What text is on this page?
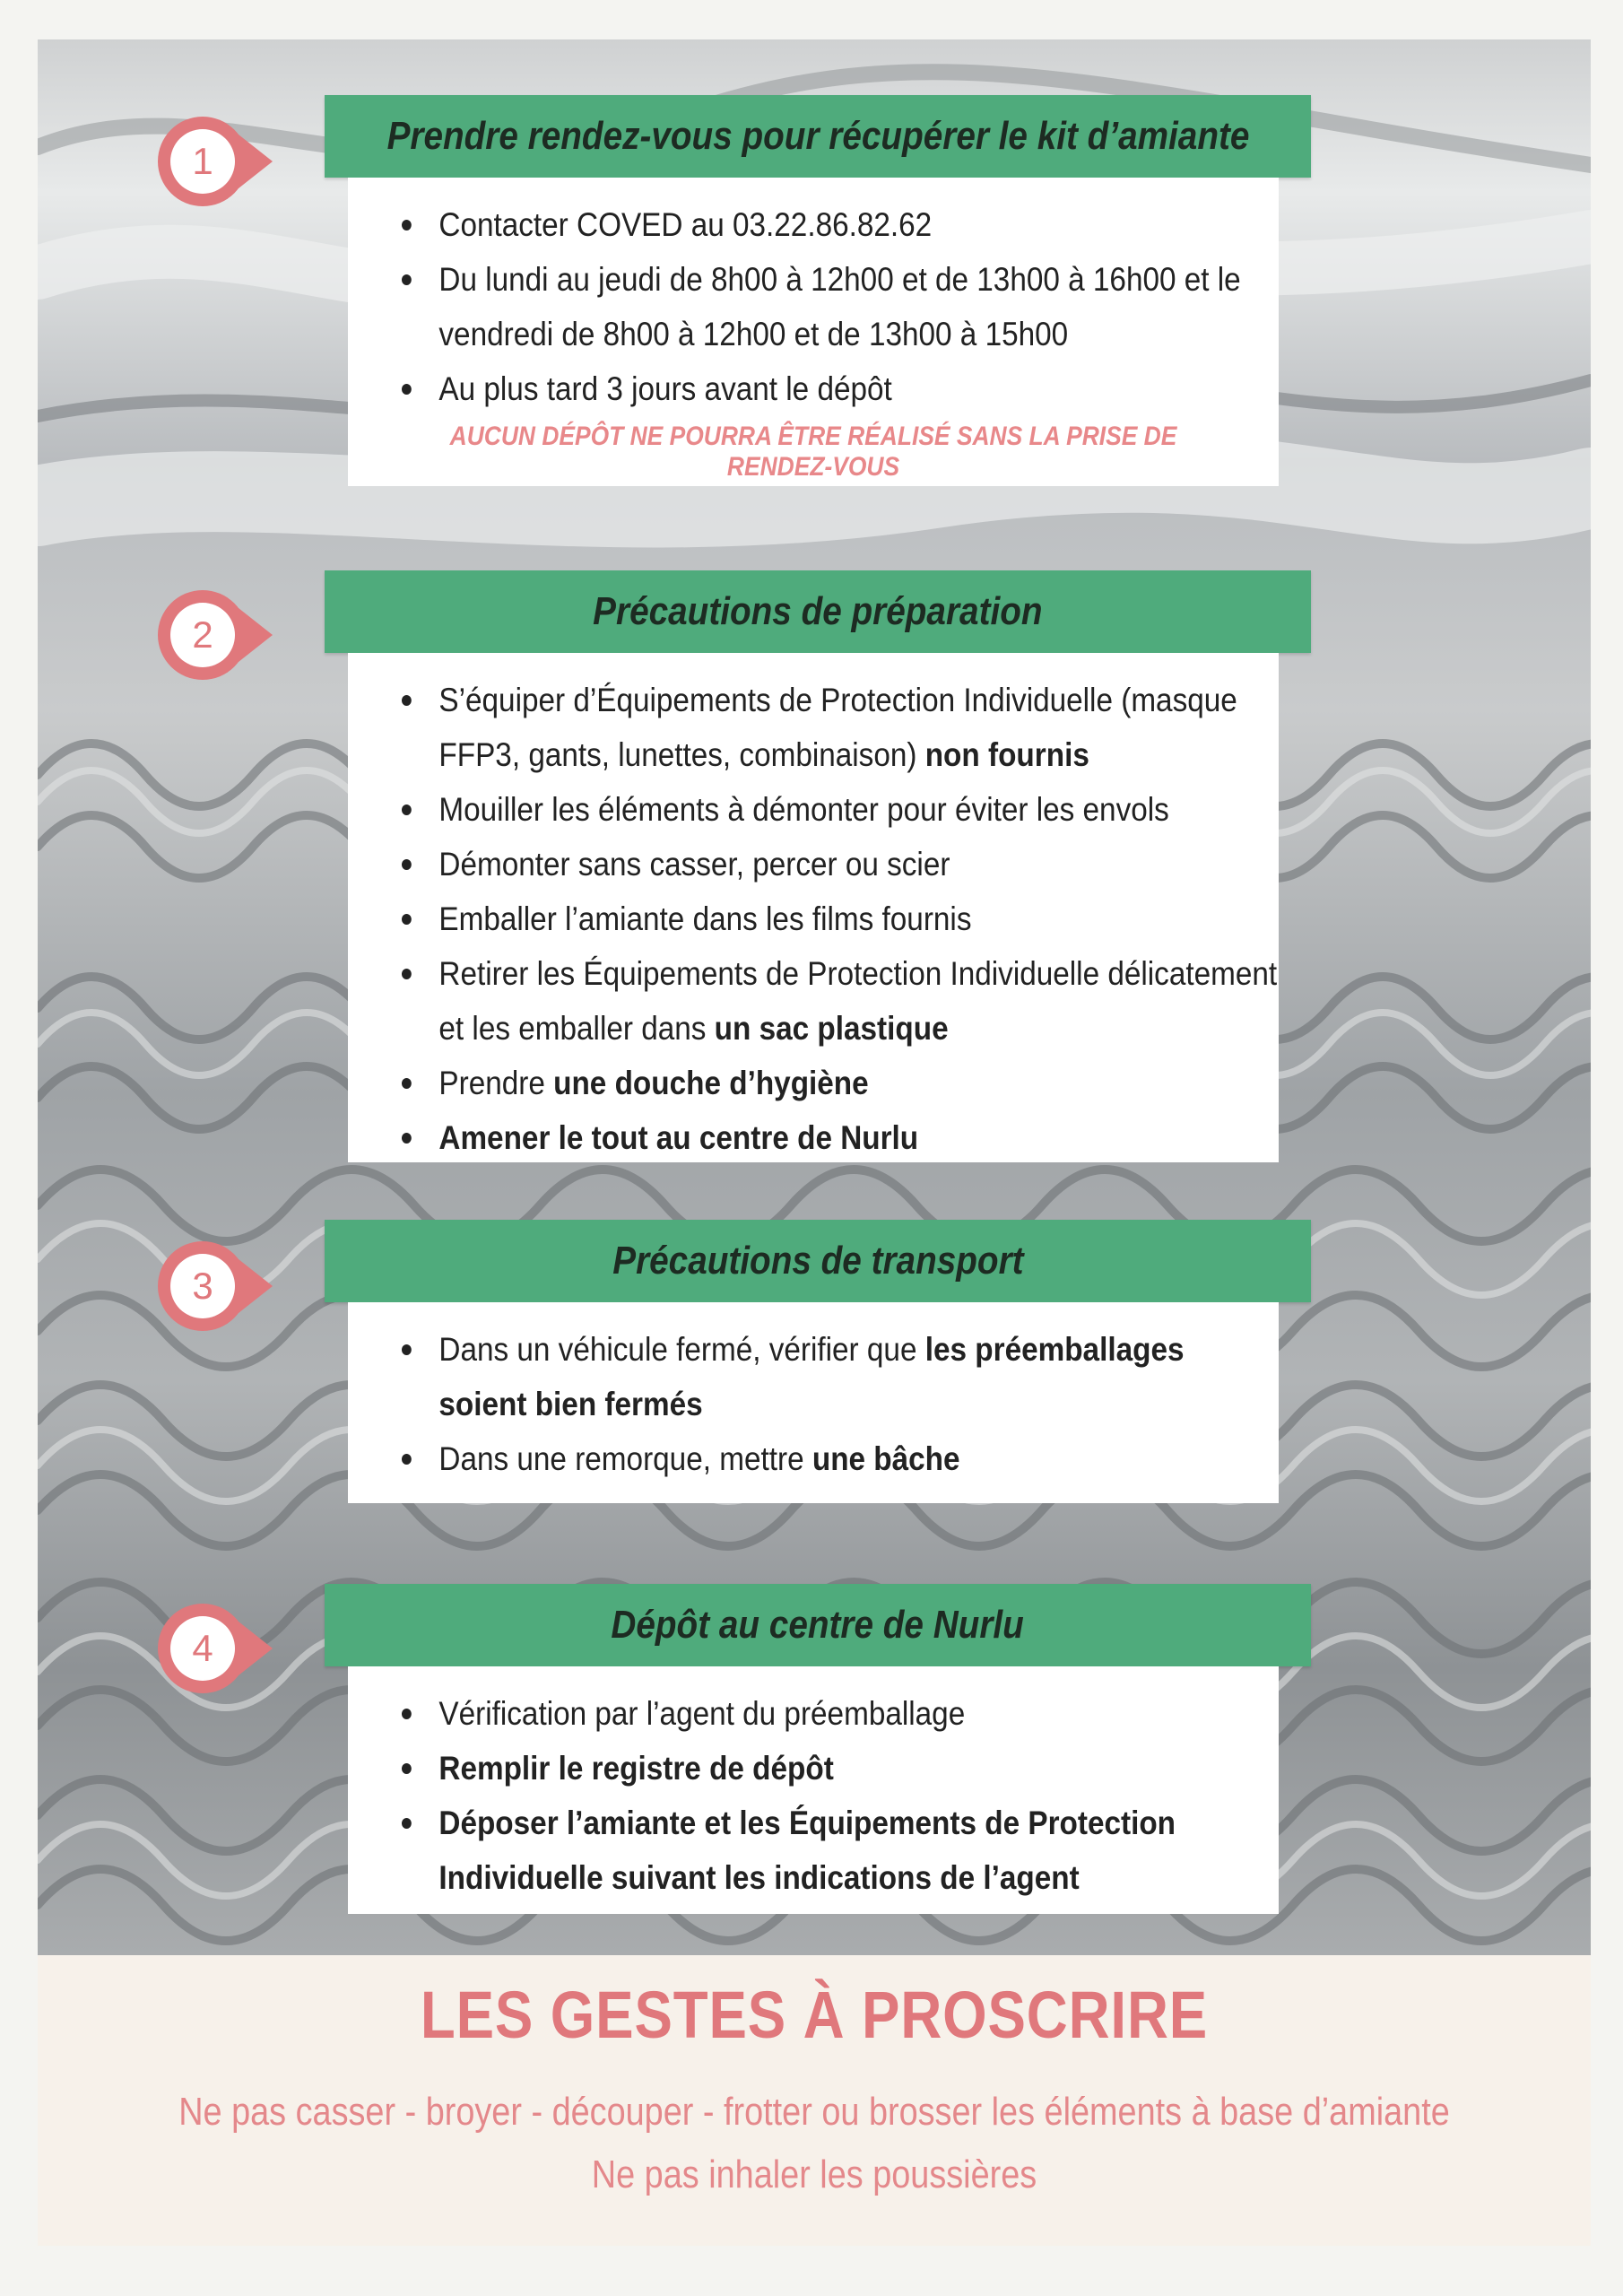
1
Prendre rendez-vous pour récupérer le kit d’amiante
Contacter COVED au 03.22.86.82.62
Du lundi au jeudi de 8h00 à 12h00 et de 13h00 à 16h00 et le vendredi de 8h00 à 12h00 et de 13h00 à 15h00
Au plus tard 3 jours avant le dépôt
AUCUN DÉPÔT NE POURRA ÊTRE RÉALISÉ SANS LA PRISE DE RENDEZ-VOUS
2
Précautions de préparation
S’équiper d’Équipements de Protection Individuelle (masque FFP3, gants, lunettes, combinaison) non fournis
Mouiller les éléments à démonter pour éviter les envols
Démonter sans casser, percer ou scier
Emballer l’amiante dans les films fournis
Retirer les Équipements de Protection Individuelle délicatement et les emballer dans un sac plastique
Prendre une douche d’hygiène
Amener le tout au centre de Nurlu
3
Précautions de transport
Dans un véhicule fermé, vérifier que les préemballages soient bien fermés
Dans une remorque, mettre une bâche
4
Dépôt au centre de Nurlu
Vérification par l’agent du préemballage
Remplir le registre de dépôt
Déposer l’amiante et les Équipements de Protection Individuelle suivant les indications de l’agent
LES GESTES À PROSCRIRE
Ne pas casser - broyer - découper - frotter ou brosser les éléments à base d’amiante
Ne pas inhaler les poussières
